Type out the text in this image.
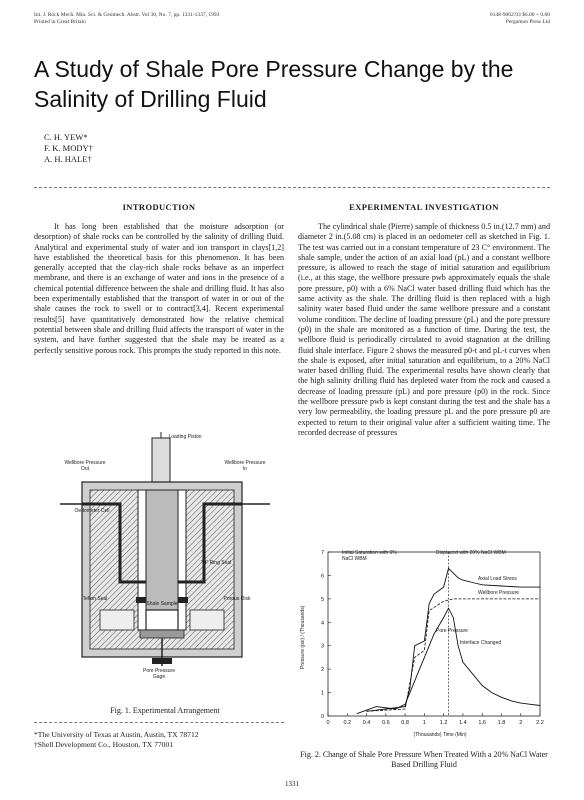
Int. J. Rock Mech. Min. Sci. & Geomech. Abstr. Vol 30, No. 7, pp. 1331-1337, 1993
Printed in Great Britain
0148-9062/93 $6.00 + 0.00
Pergamon Press Ltd
A Study of Shale Pore Pressure Change by the Salinity of Drilling Fluid
C. H. YEW*
F. K. MODY†
A. H. HALE†
INTRODUCTION
It has long been established that the moisture adsorption (or desorption) of shale rocks can be controlled by the salinity of drilling fluid. Analytical and experimental study of water and ion transport in clays[1,2] have established the theoretical basis for this phenomenon. It has been generally accepted that the clay-rich shale rocks behave as an imperfect membrane, and there is an exchange of water and ions in the presence of a chemical potential difference between the shale and drilling fluid. It has also been experimentally established that the transport of water in or out of the shale causes the rock to swell or to contract[3,4]. Recent experimental results[5] have quantitatively demonstrated how the relative chemical potential between shale and drilling fluid affects the transport of water in the system, and have further suggested that the shale may be treated as a perfectly sensitive porous rock. This prompts the study reported in this note.
Loading Piston
Wellbore Pressure Out
Wellbore Pressure In
Oedometer Cell
"O" Ring Seal
Teflon Seal
Shale Sample
Porous Disk
Pore Pressure Gage
Fig. 1. Experimental Arrangement
*The University of Texas at Austin, Austin, TX 78712
†Shell Development Co., Houston, TX 77001
EXPERIMENTAL INVESTIGATION
The cylindrical shale (Pierre) sample of thickness 0.5 in.(12.7 mm) and diameter 2 in.(5.08 cm) is placed in an oedometer cell as sketched in Fig. 1. The test was carried out in a constant temperature of 23 C° environment. The shale sample, under the action of an axial load (pL) and a constant wellbore pressure, is allowed to reach the stage of initial saturation and equilibrium (i.e., at this stage, the wellbore pressure pwb approximately equals the shale pore pressure, p0) with a 6% NaCl water based drilling fluid which has the same activity as the shale. The drilling fluid is then replaced with a high salinity water based fluid under the same wellbore pressure and a constant volume condition. The decline of loading pressure (pL) and the pore pressure (p0) in the shale are monitored as a function of time. During the test, the wellbore fluid is periodically circulated to avoid stagnation at the drilling fluid shale interface. Figure 2 shows the measured p0-t and pL-t curves when the shale is exposed, after initial saturation and equilibrium, to a 20% NaCl water based drilling fluid. The experimental results have shown clearly that the high salinity drilling fluid has depleted water from the rock and caused a decrease of loading pressure (pL) and pore pressure (p0) in the rock. Since the wellbore pressure pwb is kept constant during the test and the shale has a very low permeability, the loading pressure pL and the pore pressure p0 are expected to return to their original value after a sufficient waiting time. The recorded decrease of pressures
0
1
2
3
4
5
6
7
0	0.2 0.4 0.6 0.8	1	1.2 1.4 1.6 1.8	2	2.2
Pressure (psi) / (Thousands)
(Thousands) Time (Min)
Initial Saturation with 6% NaCl WBM
Displaced with 20% NaCl WBM
Axial Load Stress
Wellbore Pressure
Pore Pressure
Interface Changed
Fig. 2. Change of Shale Pore Pressure When Treated With a 20% NaCl Water Based Drilling Fluid
1331
